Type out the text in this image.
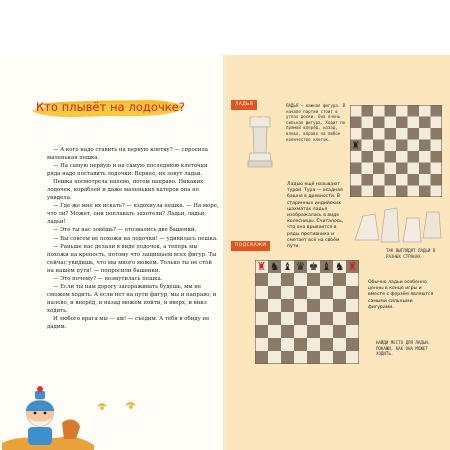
Кто плывёт на лодочке?

— А кого надо ставить на первую клетку? — спросила маленькая пешка.

— На самую первую и на самую последнюю клеточки ряда надо поставить лодочки. Вернее, их зовут ладьи.

Пешка посмотрела налево, потом направо. Никаких лодочек, кораблей и даже маленьких катеров она не увидела.

— Где же мне их искать? — вздохнула пешка. — На море, что ли? Может, они поплавать захотели? Ладьи, ладьи, ладьи!

— Это ты нас зовёшь? — отозвались две башенки.

— Вы совсем не похожи на лодочки! — удивилась пешка.

— Раньше нас делали в виде лодочек, а теперь мы похожи на крепость, потому что защищаем всех фигур. Ты сейчас увидишь, что мы много можем. Только ты не стой на нашем пути! — попросили башенки.

— Это почему? — возмутилась пешка.

— Если ты нам дорогу загораживать будешь, мы не сможем ходить. А если нет на пути фигур, мы и направо, и налево, и вперёд, и назад можем пойти, и вверх, и вниз ходить.

И любого врага мы — ам! — съедим. А тебя в обиду не дадим.

ЛАДЬЯ	ЛАДЬЯ — важная фигура. В начале партии стоит в углах доски. Она очень сильная фигура. Ходит по прямой вперёд, назад, влево, вправо на любое количество клеток.
♜
Ладью ещё называют турой. Тура — осадная башня в древности. В старинных индийских шахматах ладья изображалась в виде колесницы. Считалось, что она врывается в ряды противника и сметает всё на своём пути.
ТАК ВЫГЛЯДЯТ ЛАДЬИ В РАЗНЫХ СТРАНАХ
ПОДСКАЖИ
♜ ♞ ♝ ♛ ♚ ♝ ♞ ♜
Обычно ладьи особенно ценны в конце игры и вместе с ферзём являются самыми сильными фигурами.
НАЙДИ МЕСТО ДЛЯ ЛАДЬИ. ПОКАЖИ, КАК ОНА МОЖЕТ ХОДИТЬ.
